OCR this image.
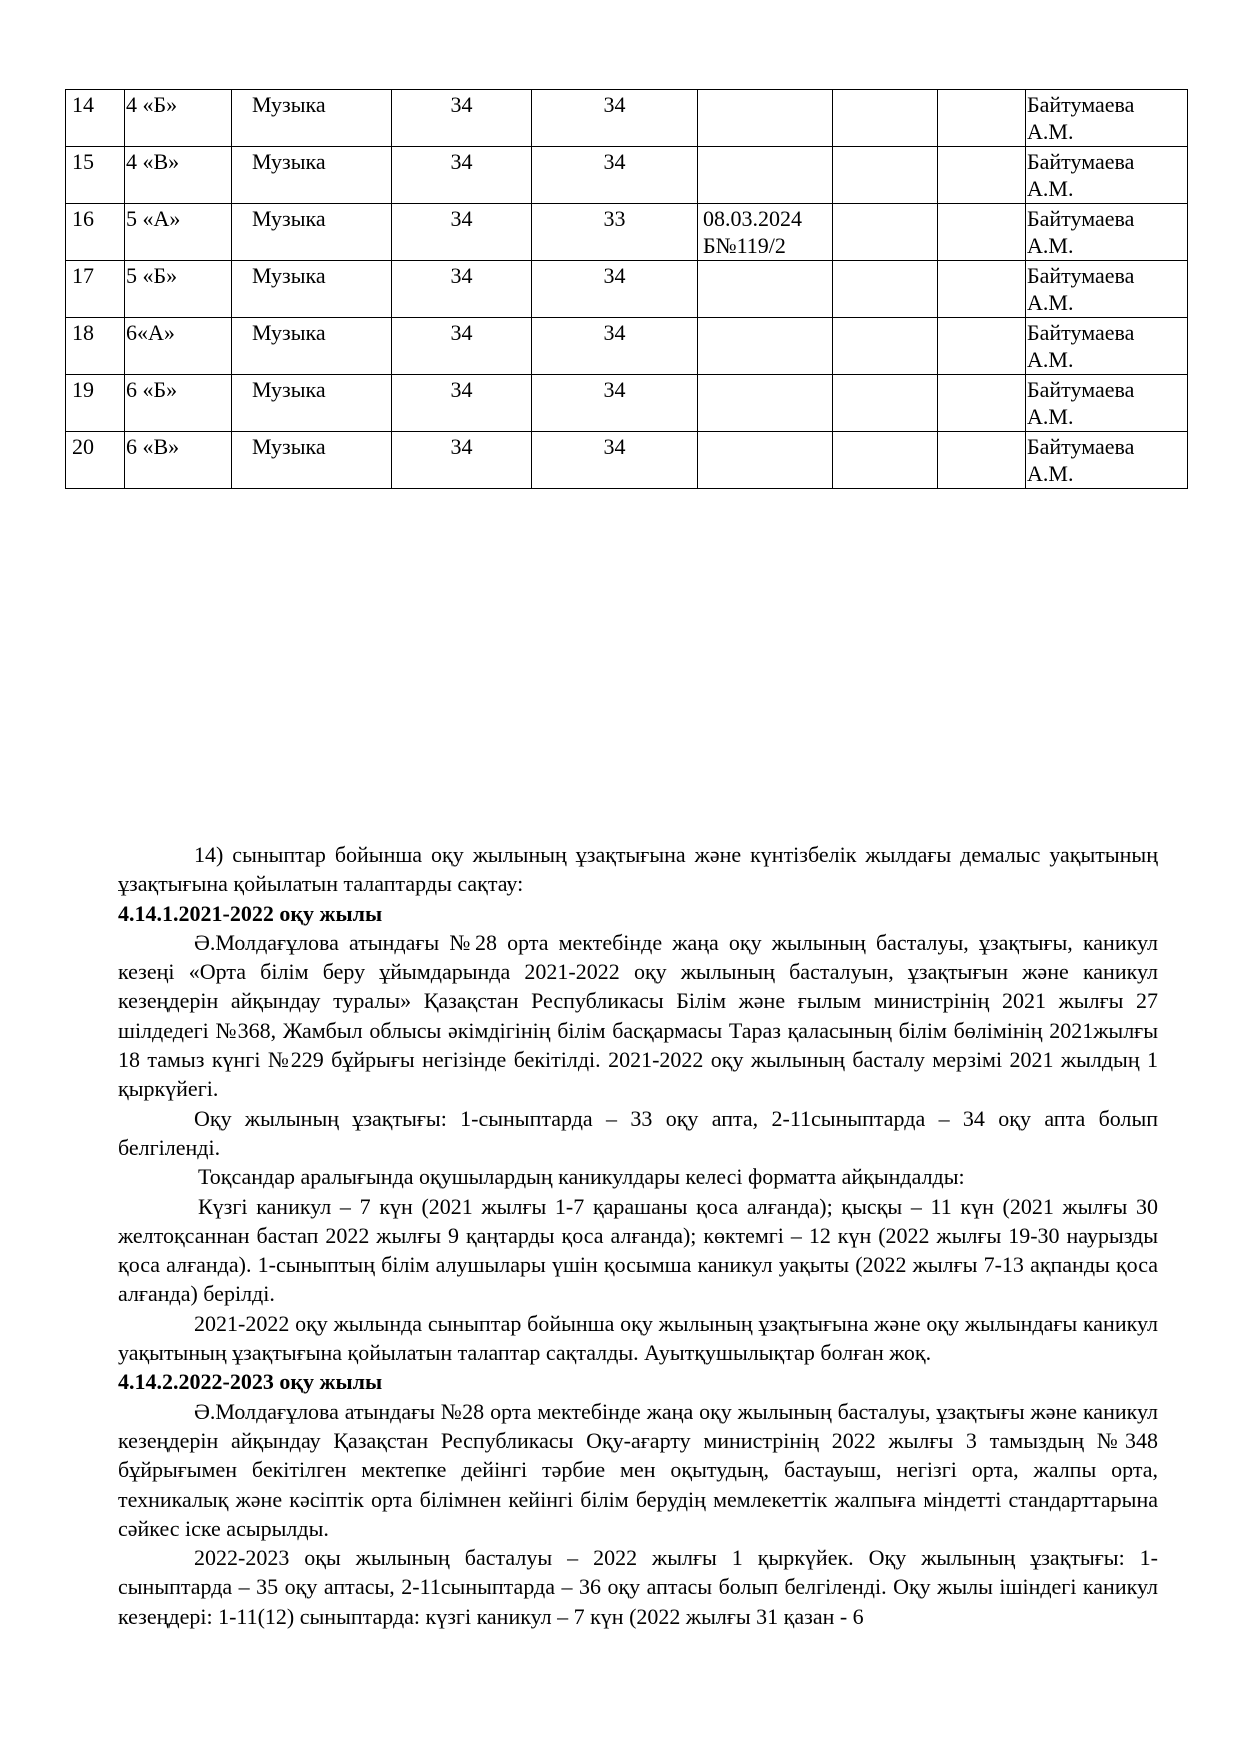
14	4 «Б»	Музыка	34	34				Байтумаева А.М.
15	4 «В»	Музыка	34	34				Байтумаева А.М.
16	5 «А»	Музыка	34	33	08.03.2024 Б№119/2			Байтумаева А.М.
17	5 «Б»	Музыка	34	34				Байтумаева А.М.
18	6«А»	Музыка	34	34				Байтумаева А.М.
19	6 «Б»	Музыка	34	34				Байтумаева А.М.
20	6 «В»	Музыка	34	34				Байтумаева А.М.

14) сыныптар бойынша оқу жылының ұзақтығына және күнтізбелік жылдағы демалыс уақытының ұзақтығына қойылатын талаптарды сақтау:

4.14.1.2021-2022 оқу жылы

Ә.Молдағұлова атындағы №28 орта мектебінде жаңа оқу жылының басталуы, ұзақтығы, каникул кезеңі «Орта білім беру ұйымдарында 2021-2022 оқу жылының басталуын, ұзақтығын және каникул кезеңдерін айқындау туралы» Қазақстан Республикасы Білім және ғылым министрінің 2021 жылғы 27 шілдедегі №368, Жамбыл облысы әкімдігінің білім басқармасы Тараз қаласының білім бөлімінің 2021жылғы 18 тамыз күнгі №229 бұйрығы негізінде бекітілді. 2021-2022 оқу жылының басталу мерзімі 2021 жылдың 1 қыркүйегі.

Оқу жылының ұзақтығы: 1-сыныптарда – 33 оқу апта, 2-11сыныптарда – 34 оқу апта болып белгіленді.

Тоқсандар аралығында оқушылардың каникулдары келесі форматта айқындалды:

Күзгі каникул – 7 күн (2021 жылғы 1-7 қарашаны қоса алғанда); қысқы – 11 күн (2021 жылғы 30 желтоқсаннан бастап 2022 жылғы 9 қаңтарды қоса алғанда); көктемгі – 12 күн (2022 жылғы 19-30 наурызды қоса алғанда). 1-сыныптың білім алушылары үшін қосымша каникул уақыты (2022 жылғы 7-13 ақпанды қоса алғанда) берілді.

2021-2022 оқу жылында сыныптар бойынша оқу жылының ұзақтығына және оқу жылындағы каникул уақытының ұзақтығына қойылатын талаптар сақталды. Ауытқушылықтар болған жоқ.

4.14.2.2022-2023 оқу жылы

Ә.Молдағұлова атындағы №28 орта мектебінде жаңа оқу жылының басталуы, ұзақтығы және каникул кезеңдерін айқындау Қазақстан Республикасы Оқу-ағарту министрінің 2022 жылғы 3 тамыздың №348 бұйрығымен бекітілген мектепке дейінгі тәрбие мен оқытудың, бастауыш, негізгі орта, жалпы орта, техникалық және кәсіптік орта білімнен кейінгі білім берудің мемлекеттік жалпыға міндетті стандарттарына сәйкес іске асырылды.

2022-2023 оқы жылының басталуы – 2022 жылғы 1 қыркүйек. Оқу жылының ұзақтығы: 1-сыныптарда – 35 оқу аптасы, 2-11сыныптарда – 36 оқу аптасы болып белгіленді. Оқу жылы ішіндегі каникул кезеңдері: 1-11(12) сыныптарда: күзгі каникул – 7 күн (2022 жылғы 31 қазан - 6
